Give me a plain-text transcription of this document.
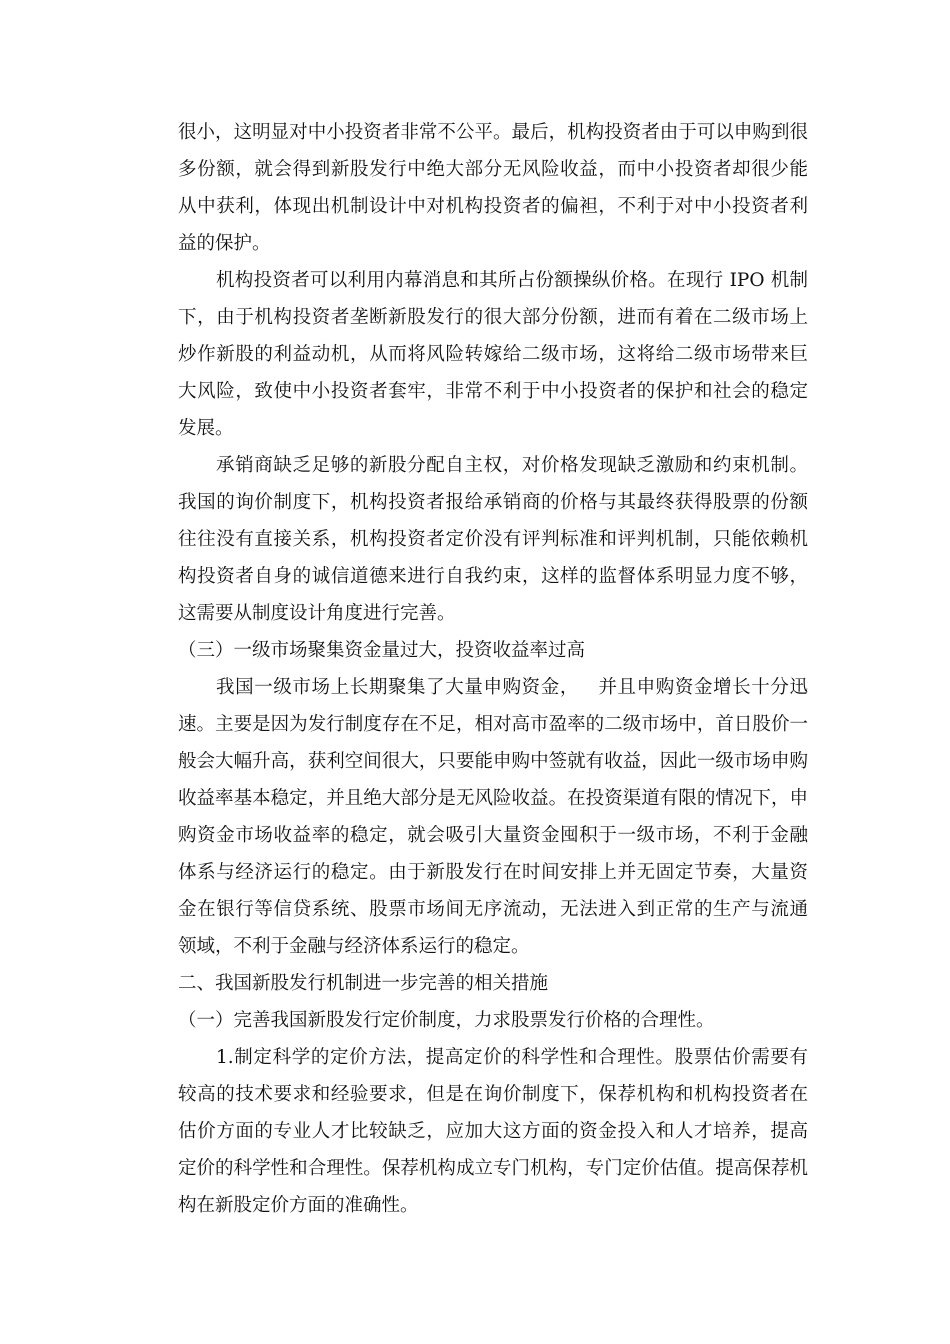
很小，这明显对中小投资者非常不公平。最后，机构投资者由于可以申购到很
多份额，就会得到新股发行中绝大部分无风险收益，而中小投资者却很少能
从中获利，体现出机制设计中对机构投资者的偏袒，不利于对中小投资者利
益的保护。
机构投资者可以利用内幕消息和其所占份额操纵价格。在现行 IPO 机制
下，由于机构投资者垄断新股发行的很大部分份额，进而有着在二级市场上
炒作新股的利益动机，从而将风险转嫁给二级市场，这将给二级市场带来巨
大风险，致使中小投资者套牢，非常不利于中小投资者的保护和社会的稳定
发展。
承销商缺乏足够的新股分配自主权，对价格发现缺乏激励和约束机制。
我国的询价制度下，机构投资者报给承销商的价格与其最终获得股票的份额
往往没有直接关系，机构投资者定价没有评判标准和评判机制，只能依赖机
构投资者自身的诚信道德来进行自我约束，这样的监督体系明显力度不够，
这需要从制度设计角度进行完善。
（三）一级市场聚集资金量过大，投资收益率过高
我国一级市场上长期聚集了大量申购资金，   并且申购资金增长十分迅
速。主要是因为发行制度存在不足，相对高市盈率的二级市场中，首日股价一
般会大幅升高，获利空间很大，只要能申购中签就有收益，因此一级市场申购
收益率基本稳定，并且绝大部分是无风险收益。在投资渠道有限的情况下，申
购资金市场收益率的稳定，就会吸引大量资金囤积于一级市场，不利于金融
体系与经济运行的稳定。由于新股发行在时间安排上并无固定节奏，大量资
金在银行等信贷系统、股票市场间无序流动，无法进入到正常的生产与流通
领域，不利于金融与经济体系运行的稳定。
二、我国新股发行机制进一步完善的相关措施
（一）完善我国新股发行定价制度，力求股票发行价格的合理性。
1.制定科学的定价方法，提高定价的科学性和合理性。股票估价需要有
较高的技术要求和经验要求，但是在询价制度下，保荐机构和机构投资者在
估价方面的专业人才比较缺乏，应加大这方面的资金投入和人才培养，提高
定价的科学性和合理性。保荐机构成立专门机构，专门定价估值。提高保荐机
构在新股定价方面的准确性。
